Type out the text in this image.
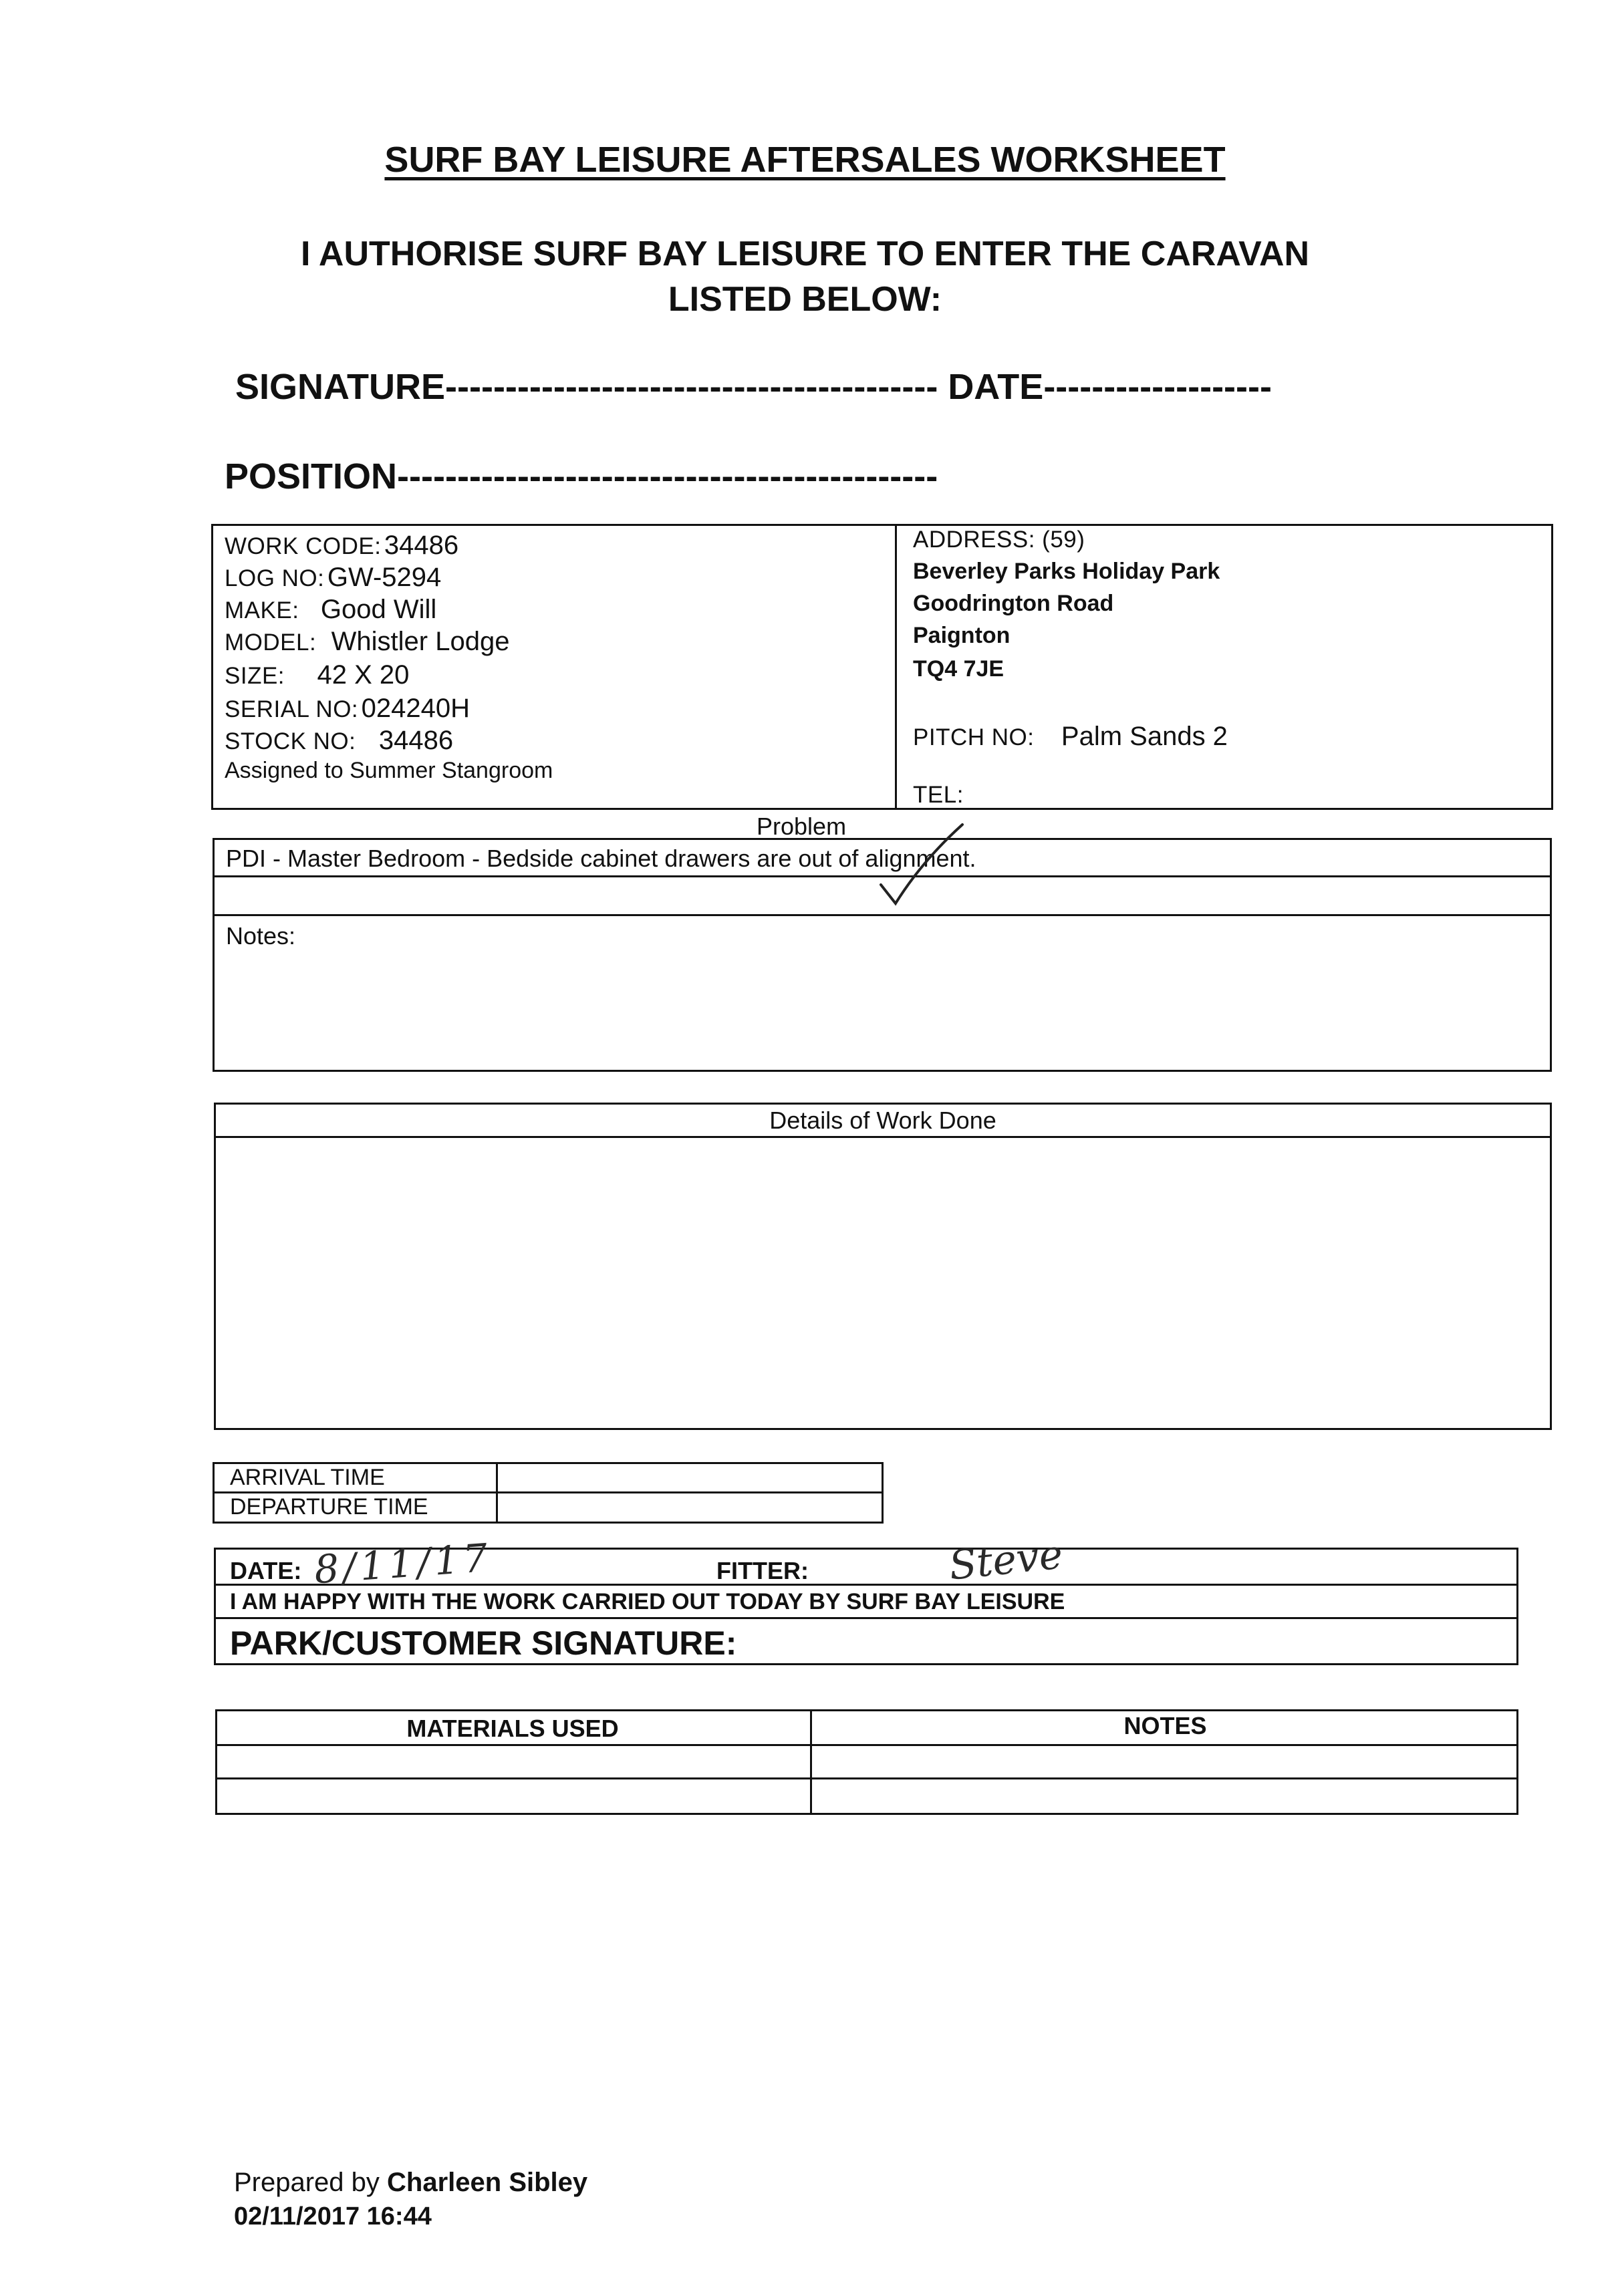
SURF BAY LEISURE AFTERSALES WORKSHEET
I AUTHORISE SURF BAY LEISURE TO ENTER THE CARAVAN
LISTED BELOW:
SIGNATURE----------------------------------------- DATE-------------------
POSITION---------------------------------------------
WORK CODE: 34486
LOG NO: GW-5294
MAKE: Good Will
MODEL: Whistler Lodge
SIZE: 42 X 20
SERIAL NO: 024240H
STOCK NO: 34486
Assigned to Summer Stangroom
ADDRESS: (59)
Beverley Parks Holiday Park
Goodrington Road
Paignton
TQ4 7JE
PITCH NO: Palm Sands 2
TEL:
Problem
PDI - Master Bedroom - Bedside cabinet drawers are out of alignment.
Notes:
Details of Work Done
ARRIVAL TIME
DEPARTURE TIME
DATE: 8/11/17	FITTER:	Steve
I AM HAPPY WITH THE WORK CARRIED OUT TODAY BY SURF BAY LEISURE
PARK/CUSTOMER SIGNATURE:
MATERIALS USED	NOTES
Prepared by Charleen Sibley
02/11/2017 16:44
